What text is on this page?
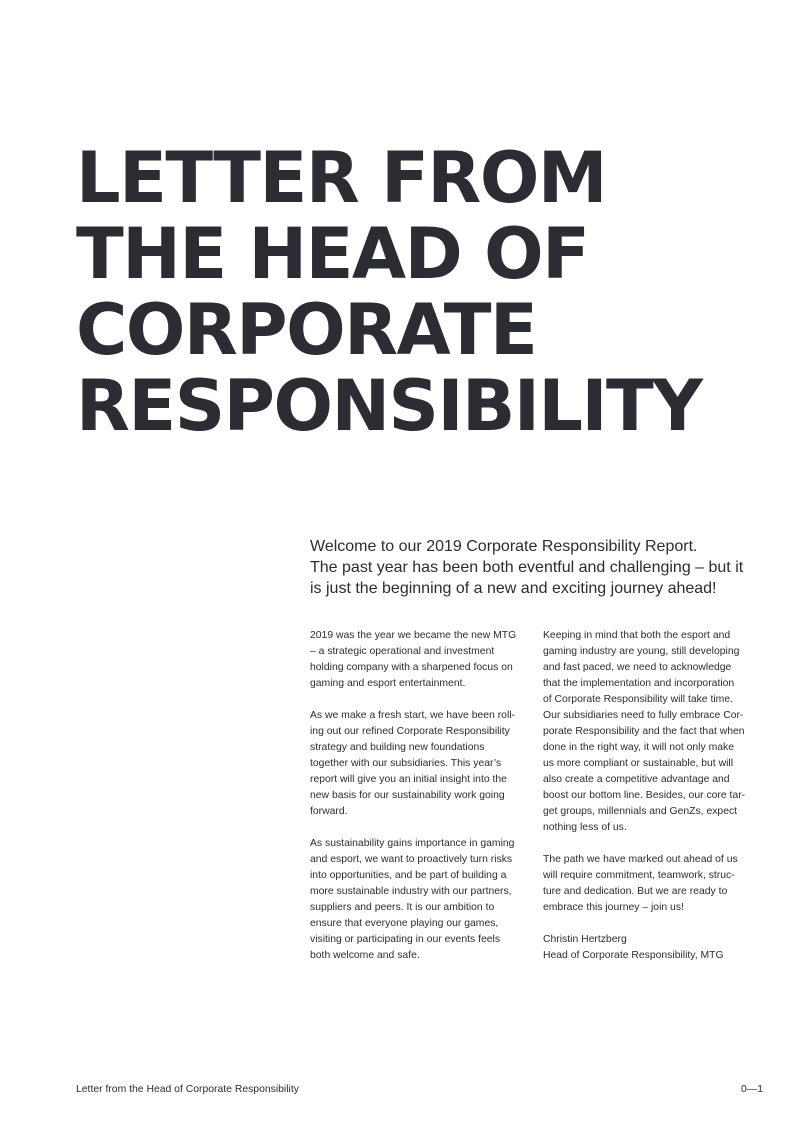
LETTER FROM
THE HEAD OF
CORPORATE
RESPONSIBILITY

Welcome to our 2019 Corporate Responsibility Report.
The past year has been both eventful and challenging – but it
is just the beginning of a new and exciting journey ahead!

2019 was the year we became the new MTG
– a strategic operational and investment
holding company with a sharpened focus on
gaming and esport entertainment.

As we make a fresh start, we have been roll-
ing out our refined Corporate Responsibility
strategy and building new foundations
together with our subsidiaries. This year’s
report will give you an initial insight into the
new basis for our sustainability work going
forward.

As sustainability gains importance in gaming
and esport, we want to proactively turn risks
into opportunities, and be part of building a
more sustainable industry with our partners,
suppliers and peers. It is our ambition to
ensure that everyone playing our games,
visiting or participating in our events feels
both welcome and safe.

Keeping in mind that both the esport and
gaming industry are young, still developing
and fast paced, we need to acknowledge
that the implementation and incorporation
of Corporate Responsibility will take time.
Our subsidiaries need to fully embrace Cor-
porate Responsibility and the fact that when
done in the right way, it will not only make
us more compliant or sustainable, but will
also create a competitive advantage and
boost our bottom line. Besides, our core tar-
get groups, millennials and GenZs, expect
nothing less of us.

The path we have marked out ahead of us
will require commitment, teamwork, struc-
ture and dedication. But we are ready to
embrace this journey – join us!

Christin Hertzberg
Head of Corporate Responsibility, MTG

Letter from the Head of Corporate Responsibility	0—1
